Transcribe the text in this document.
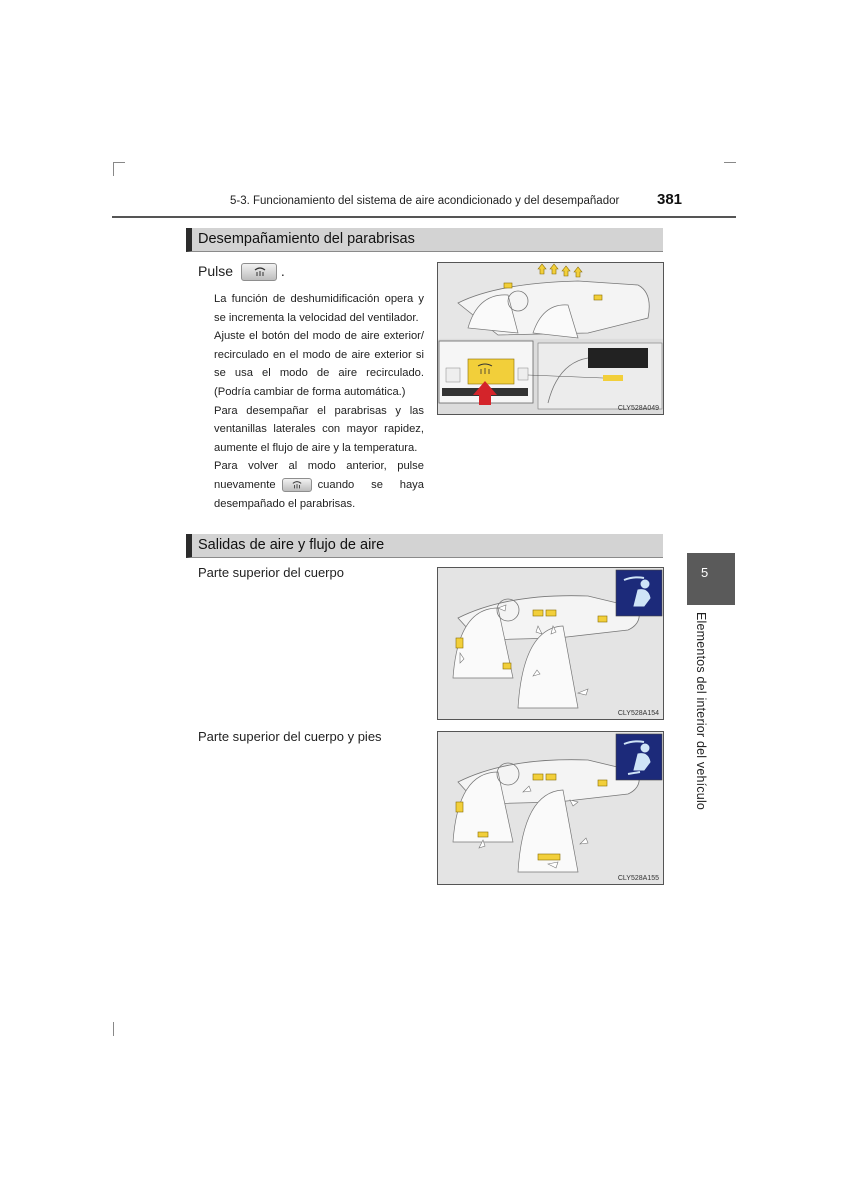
5-3. Funcionamiento del sistema de aire acondicionado y del desempañador	381
Desempañamiento del parabrisas
Pulse	.

La función de deshumidificación opera y se incrementa la velocidad del ventilador.

Ajuste el botón del modo de aire exterior/ recirculado en el modo de aire exterior si se usa el modo de aire recirculado. (Podría cambiar de forma automática.)

Para desempañar el parabrisas y las ventanillas laterales con mayor rapidez, aumente el flujo de aire y la temperatura.

Para volver al modo anterior, pulse nuevamente	cuando se haya desempañado el parabrisas.

CLY528A049
Salidas de aire y flujo de aire
Parte superior del cuerpo
CLY528A154
Parte superior del cuerpo y pies
CLY528A155
5
Elementos del interior del vehículo
